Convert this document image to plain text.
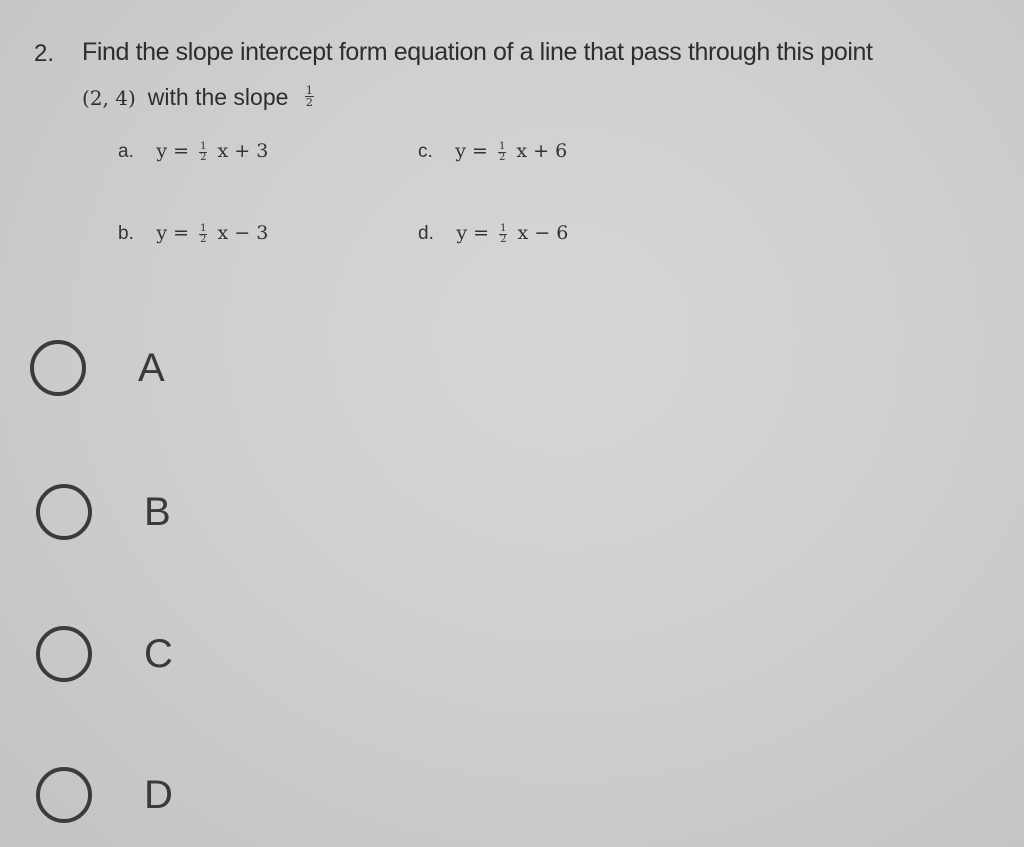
2. Find the slope intercept form equation of a line that pass through this point
(2, 4) with the slope $\frac{1}{2}$
a. $y = \frac{1}{2}$ x + 3
b. $y = \frac{1}{2}$ x − 3
c. $y = \frac{1}{2}$ x + 6
d. $y = \frac{1}{2}$ x − 6
A
B
C
D
